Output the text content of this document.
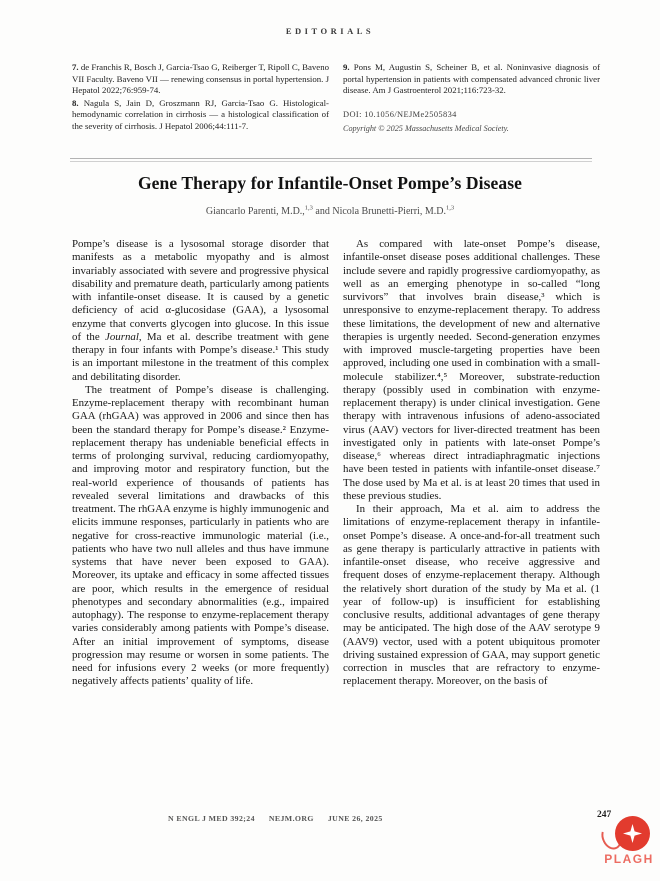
EDITORIALS

7. de Franchis R, Bosch J, Garcia-Tsao G, Reiberger T, Ripoll C, Baveno VII Faculty. Baveno VII — renewing consensus in portal hypertension. J Hepatol 2022;76:959-74.

8. Nagula S, Jain D, Groszmann RJ, Garcia-Tsao G. Histological-hemodynamic correlation in cirrhosis — a histological classification of the severity of cirrhosis. J Hepatol 2006;44:111-7.

9. Pons M, Augustin S, Scheiner B, et al. Noninvasive diagnosis of portal hypertension in patients with compensated advanced chronic liver disease. Am J Gastroenterol 2021;116:723-32.

DOI: 10.1056/NEJMe2505834
Copyright © 2025 Massachusetts Medical Society.
Gene Therapy for Infantile-Onset Pompe’s Disease
Giancarlo Parenti, M.D.,$^{1,3}$ and Nicola Brunetti-Pierri, M.D.$^{1,3}$

Pompe’s disease is a lysosomal storage disorder that manifests as a metabolic myopathy and is almost invariably associated with severe and progressive physical disability and premature death, particularly among patients with infantile-onset disease. It is caused by a genetic deficiency of acid α-glucosidase (GAA), a lysosomal enzyme that converts glycogen into glucose. In this issue of the Journal, Ma et al. describe treatment with gene therapy in four infants with Pompe’s disease.¹ This study is an important milestone in the treatment of this complex and debilitating disorder.

The treatment of Pompe’s disease is challenging. Enzyme-replacement therapy with recombinant human GAA (rhGAA) was approved in 2006 and since then has been the standard therapy for Pompe’s disease.² Enzyme-replacement therapy has undeniable beneficial effects in terms of prolonging survival, reducing cardiomyopathy, and improving motor and respiratory function, but the real-world experience of thousands of patients has revealed several limitations and drawbacks of this treatment. The rhGAA enzyme is highly immunogenic and elicits immune responses, particularly in patients who are negative for cross-reactive immunologic material (i.e., patients who have two null alleles and thus have immune systems that have never been exposed to GAA). Moreover, its uptake and efficacy in some affected tissues are poor, which results in the emergence of residual phenotypes and secondary abnormalities (e.g., impaired autophagy). The response to enzyme-replacement therapy varies considerably among patients with Pompe’s disease. After an initial improvement of symptoms, disease progression may resume or worsen in some patients. The need for infusions every 2 weeks (or more frequently) negatively affects patients’ quality of life.

As compared with late-onset Pompe’s disease, infantile-onset disease poses additional challenges. These include severe and rapidly progressive cardiomyopathy, as well as an emerging phenotype in so-called “long survivors” that involves brain disease,³ which is unresponsive to enzyme-replacement therapy. To address these limitations, the development of new and alternative therapies is urgently needed. Second-generation enzymes with improved muscle-targeting properties have been approved, including one used in combination with a small-molecule stabilizer.⁴,⁵ Moreover, substrate-reduction therapy (possibly used in combination with enzyme-replacement therapy) is under clinical investigation. Gene therapy with intravenous infusions of adeno-associated virus (AAV) vectors for liver-directed treatment has been investigated only in patients with late-onset Pompe’s disease,⁶ whereas direct intradiaphragmatic injections have been tested in patients with infantile-onset disease.⁷ The dose used by Ma et al. is at least 20 times that used in these previous studies.

In their approach, Ma et al. aim to address the limitations of enzyme-replacement therapy in infantile-onset Pompe’s disease. A once-and-for-all treatment such as gene therapy is particularly attractive in patients with infantile-onset disease, who receive aggressive and frequent doses of enzyme-replacement therapy. Although the relatively short duration of the study by Ma et al. (1 year of follow-up) is insufficient for establishing conclusive results, additional advantages of gene therapy may be anticipated. The high dose of the AAV serotype 9 (AAV9) vector, used with a potent ubiquitous promoter driving sustained expression of GAA, may support genetic correction in muscles that are refractory to enzyme-replacement therapy. Moreover, on the basis of

N ENGL J MED 392;24 NEJM.ORG JUNE 26, 2025	247
PLAGH
